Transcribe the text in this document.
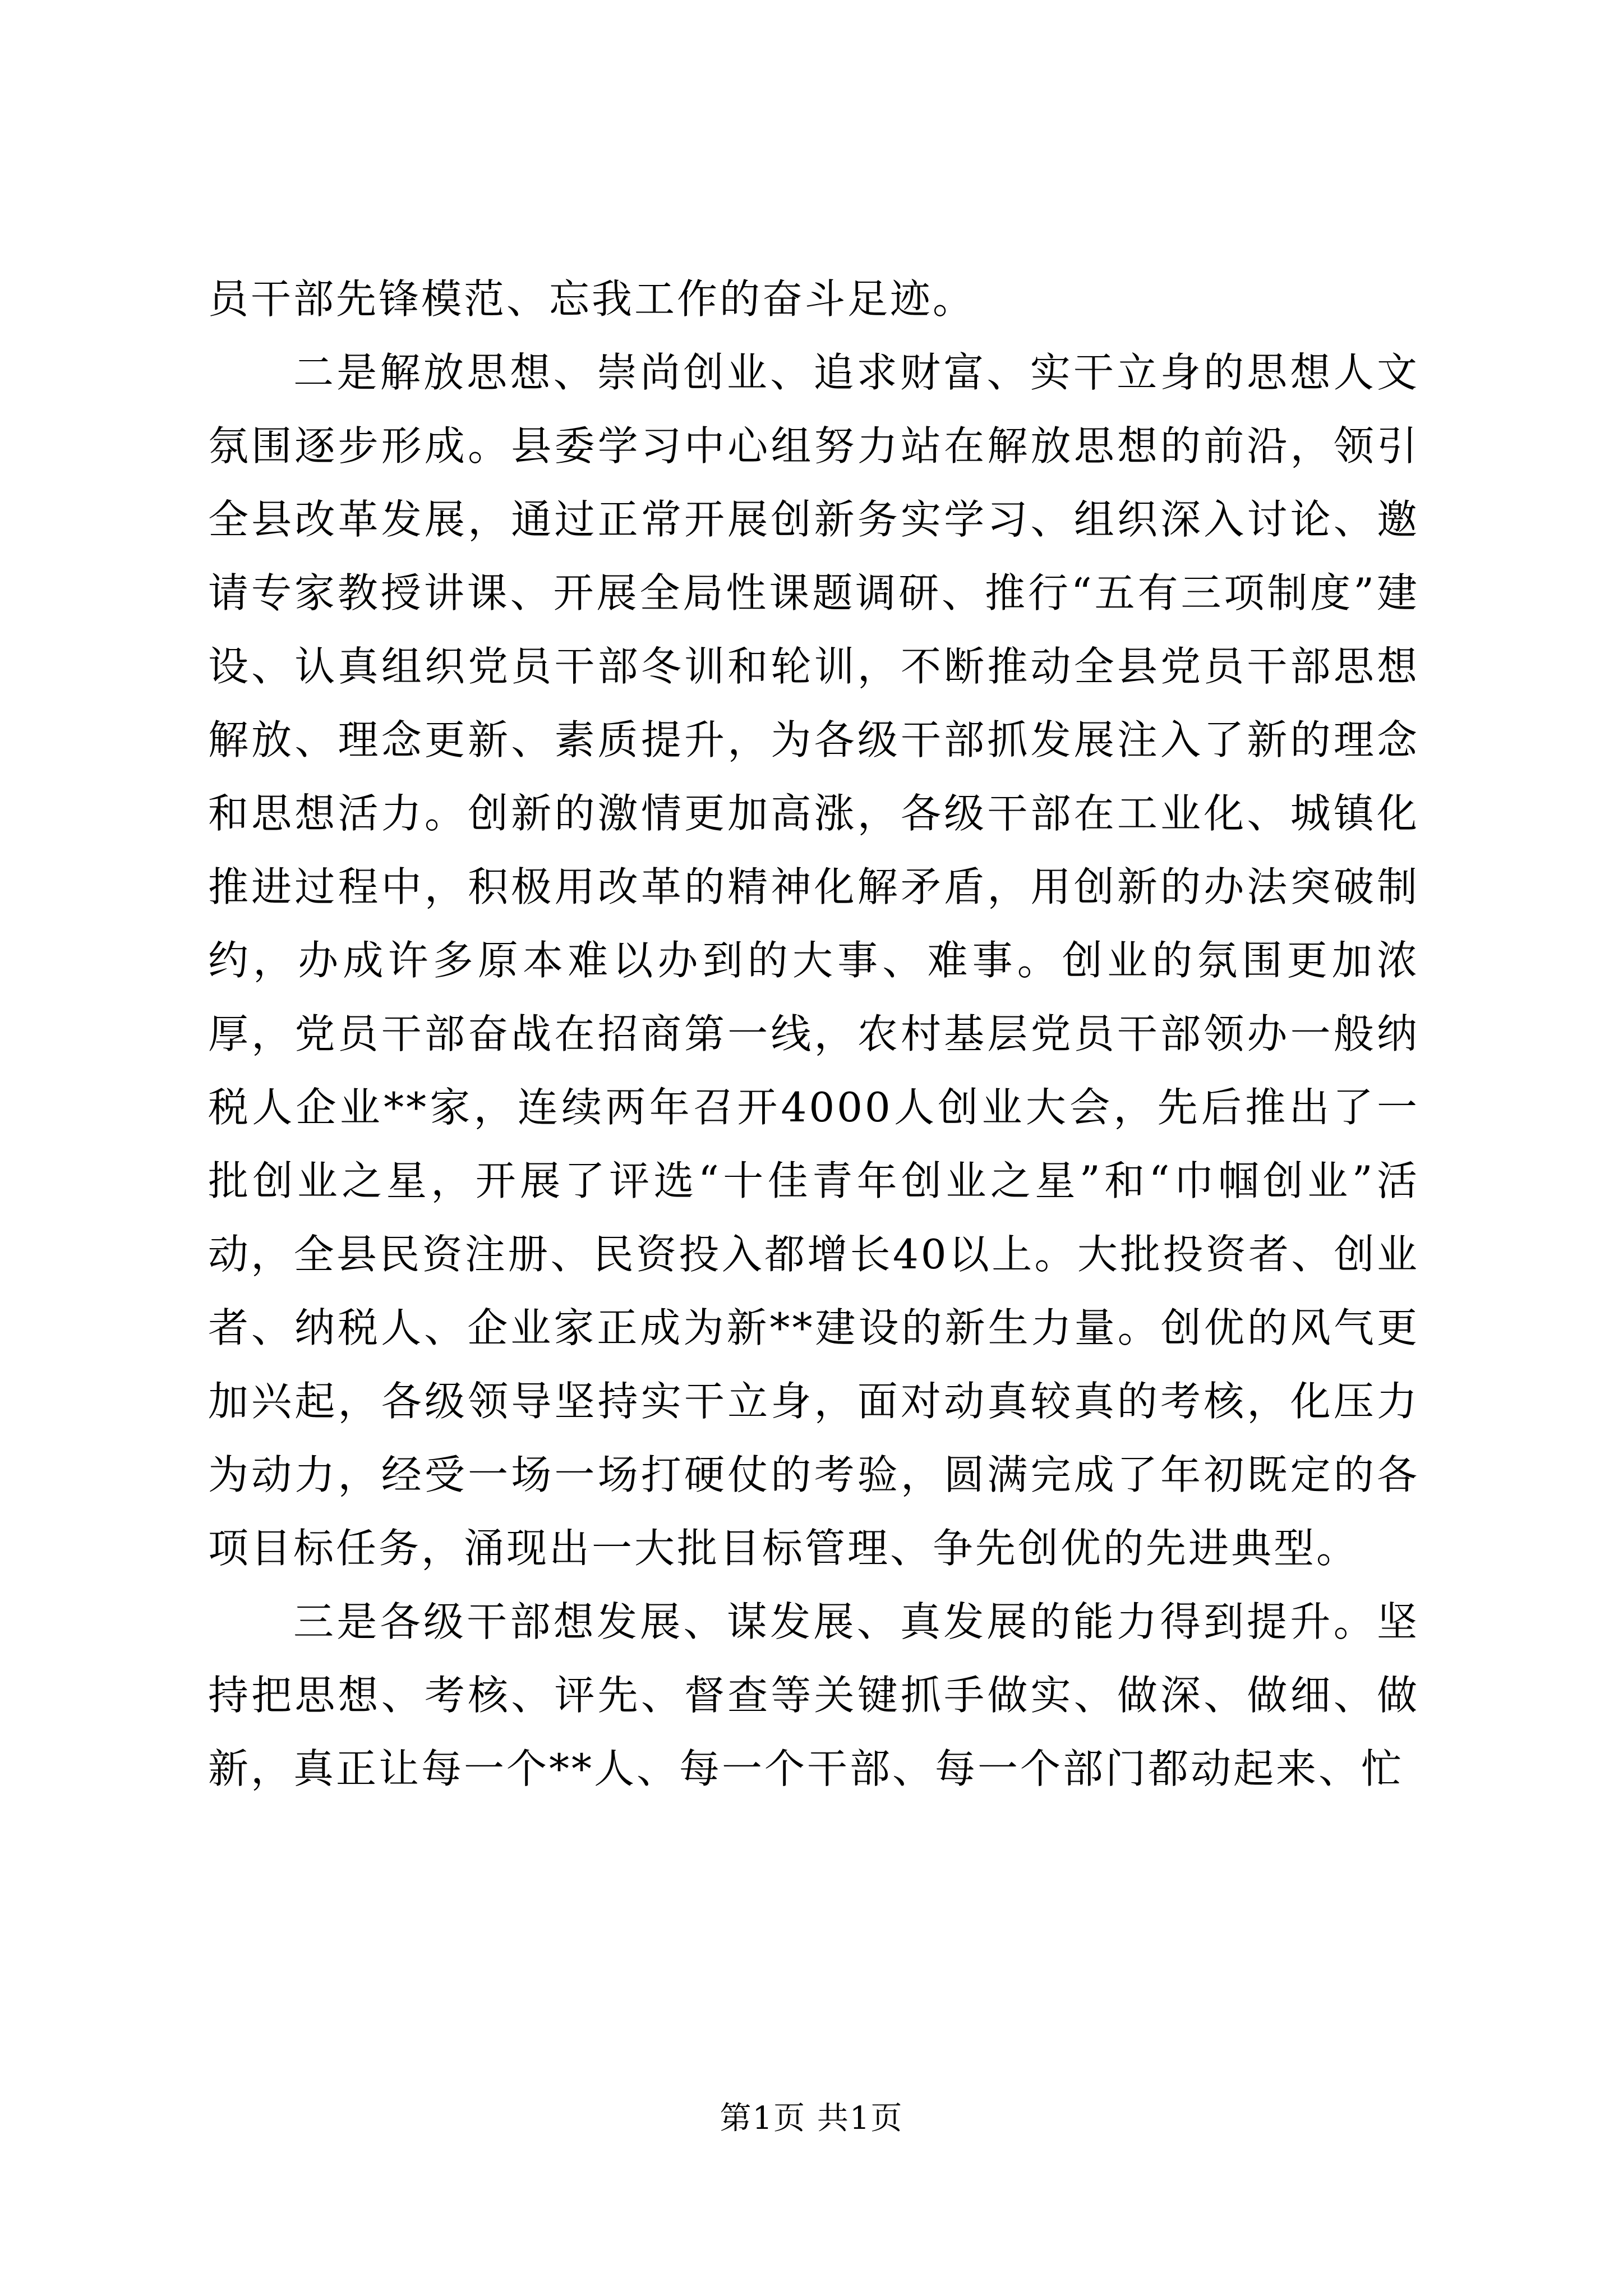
员干部先锋模范、忘我工作的奋斗足迹。

二是解放思想、崇尚创业、追求财富、实干立身的思想人文氛围逐步形成。县委学习中心组努力站在解放思想的前沿，领引全县改革发展，通过正常开展创新务实学习、组织深入讨论、邀请专家教授讲课、开展全局性课题调研、推行“五有三项制度”建设、认真组织党员干部冬训和轮训，不断推动全县党员干部思想解放、理念更新、素质提升，为各级干部抓发展注入了新的理念和思想活力。创新的激情更加高涨，各级干部在工业化、城镇化推进过程中，积极用改革的精神化解矛盾，用创新的办法突破制约，办成许多原本难以办到的大事、难事。创业的氛围更加浓厚，党员干部奋战在招商第一线，农村基层党员干部领办一般纳税人企业**家，连续两年召开4000人创业大会，先后推出了一批创业之星，开展了评选“十佳青年创业之星”和“巾帼创业”活动，全县民资注册、民资投入都增长40以上。大批投资者、创业者、纳税人、企业家正成为新**建设的新生力量。创优的风气更加兴起，各级领导坚持实干立身，面对动真较真的考核，化压力为动力，经受一场一场打硬仗的考验，圆满完成了年初既定的各项目标任务，涌现出一大批目标管理、争先创优的先进典型。

三是各级干部想发展、谋发展、真发展的能力得到提升。坚持把思想、考核、评先、督查等关键抓手做实、做深、做细、做新，真正让每一个**人、每一个干部、每一个部门都动起来、忙

第1页 共1页
